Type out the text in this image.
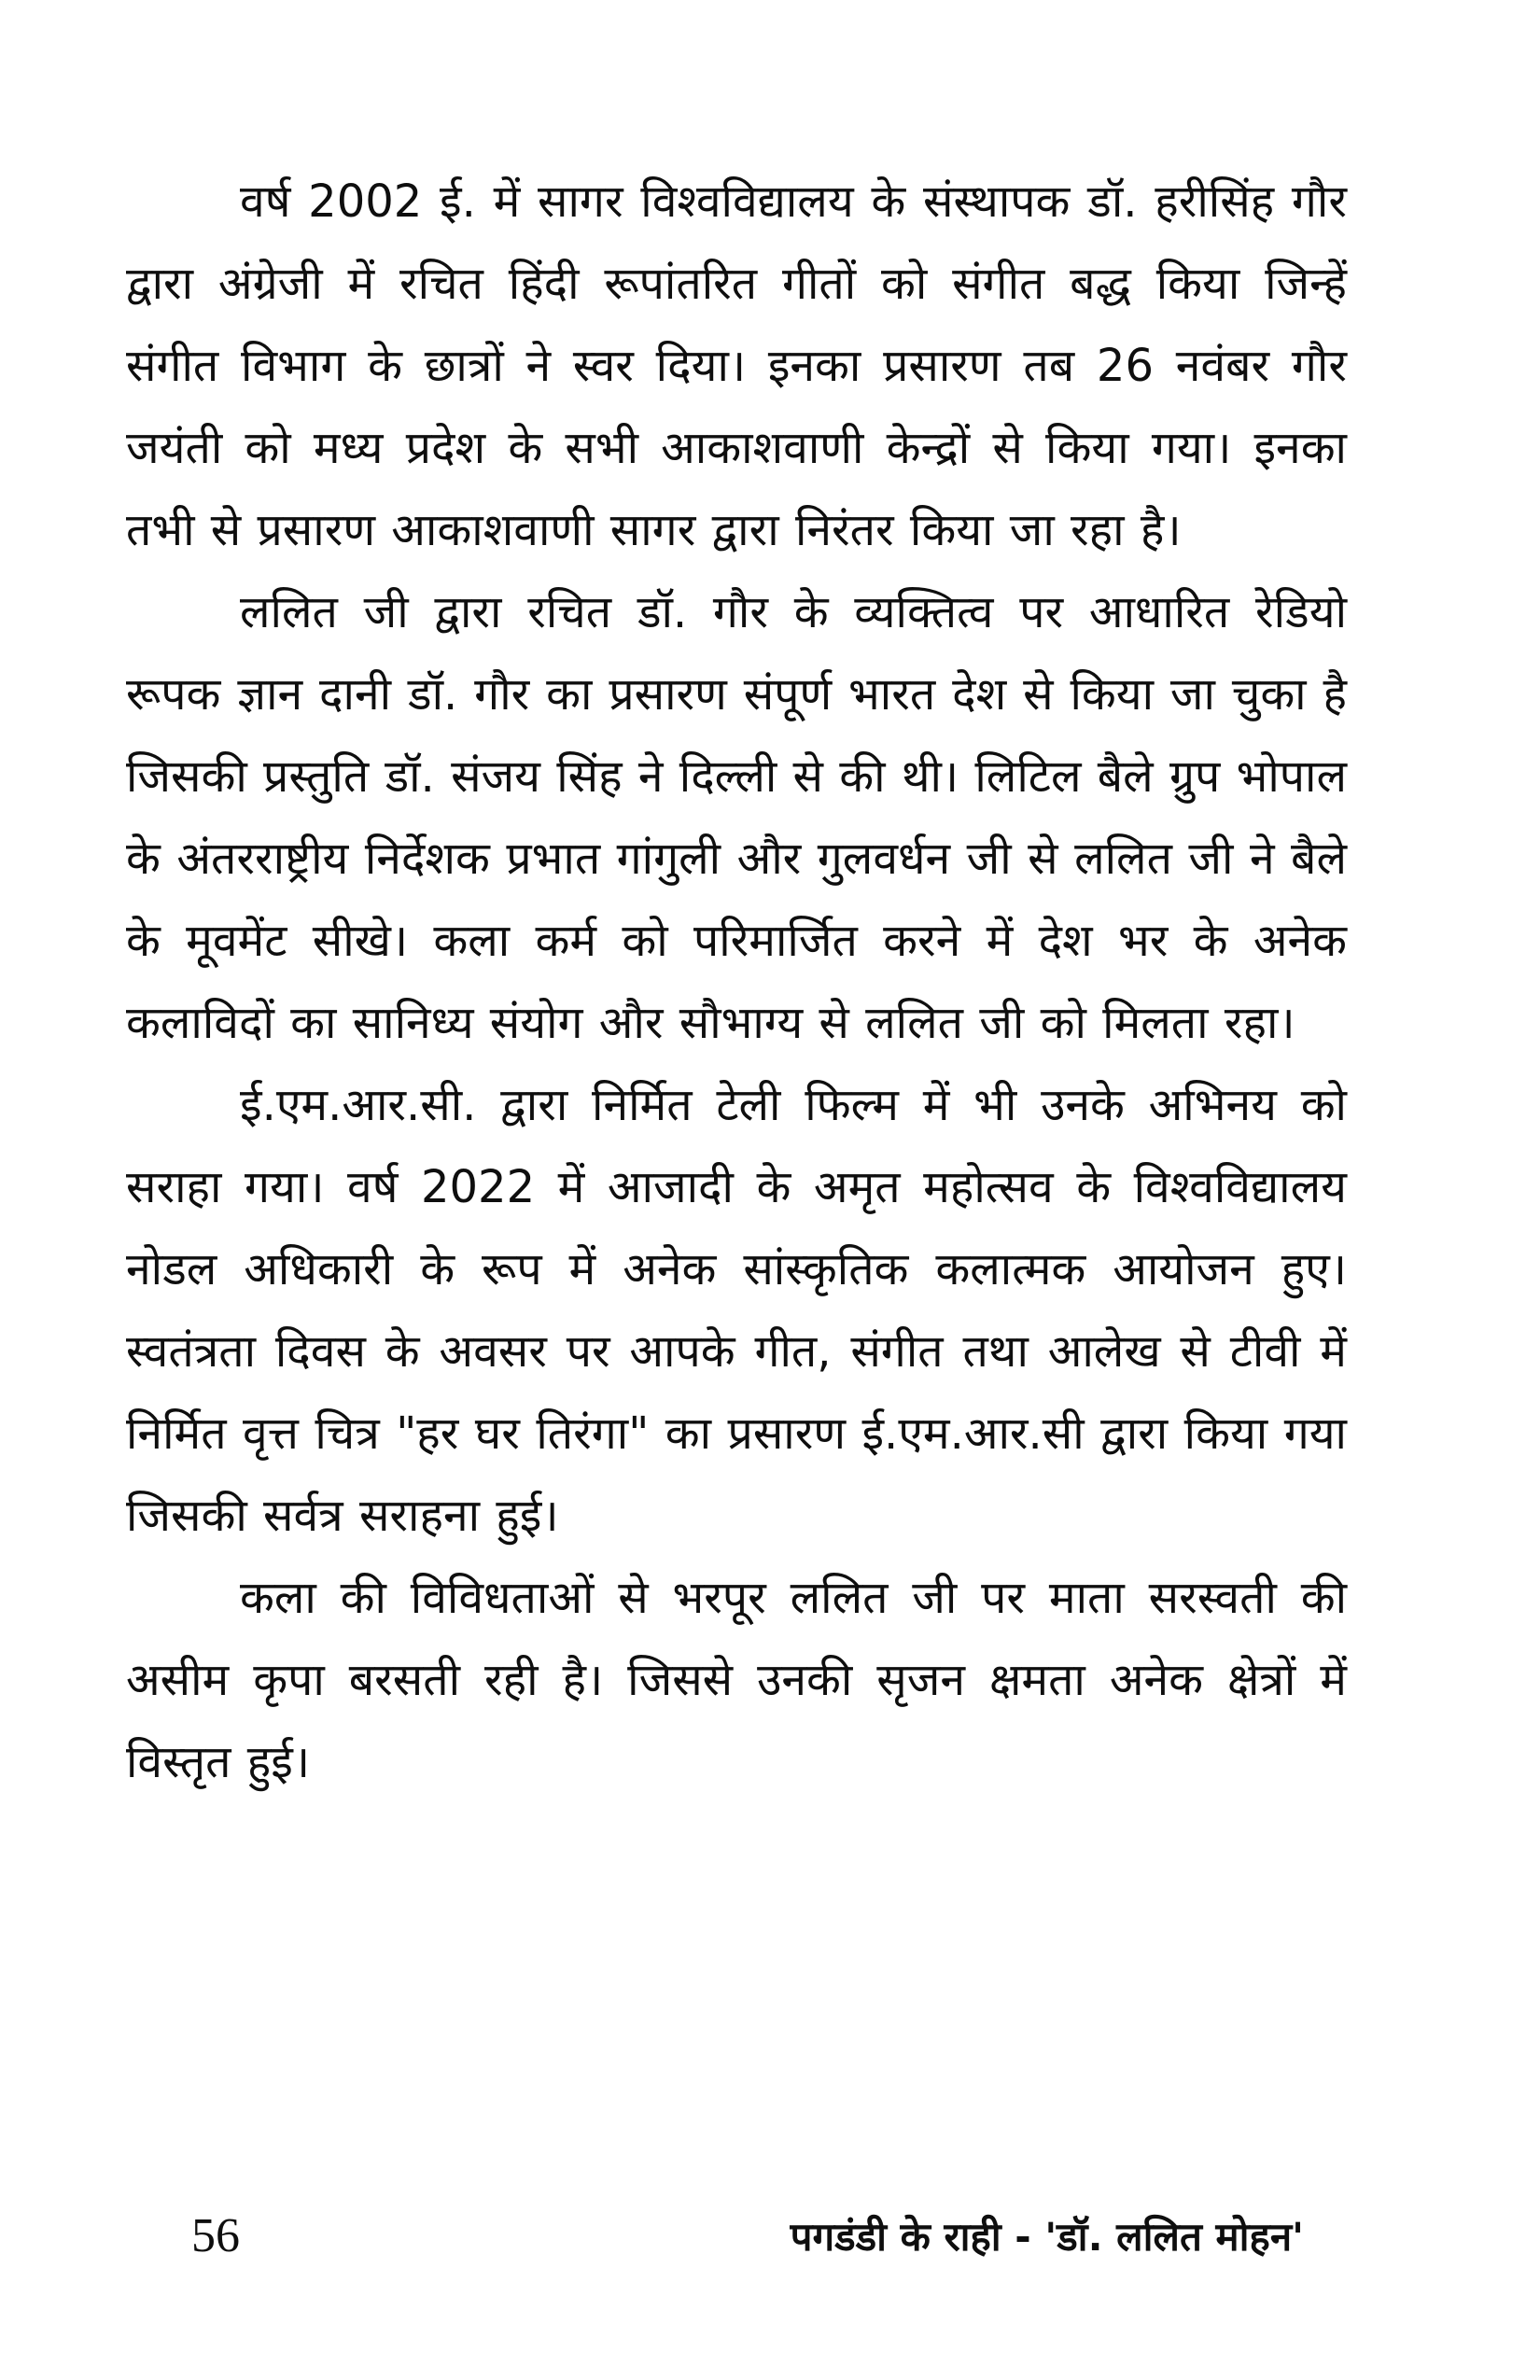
वर्ष 2002 ई. में सागर विश्वविद्यालय के संस्थापक डॉ. हरीसिंह गौर द्वारा अंग्रेजी में रचित हिंदी रूपांतरित गीतों को संगीत बद्ध किया जिन्हें संगीत विभाग के छात्रों ने स्वर दिया। इनका प्रसारण तब 26 नवंबर गौर जयंती को मध्य प्रदेश के सभी आकाशवाणी केन्द्रों से किया गया। इनका तभी से प्रसारण आकाशवाणी सागर द्वारा निरंतर किया जा रहा है।

ललित जी द्वारा रचित डॉ. गौर के व्यक्तित्व पर आधारित रेडियो रूपक ज्ञान दानी डॉ. गौर का प्रसारण संपूर्ण भारत देश से किया जा चुका है जिसकी प्रस्तुति डॉ. संजय सिंह ने दिल्ली से की थी। लिटिल बैले ग्रुप भोपाल के अंतरराष्ट्रीय निर्देशक प्रभात गांगुली और गुलवर्धन जी से ललित जी ने बैले के मूवमेंट सीखे। कला कर्म को परिमार्जित करने में देश भर के अनेक कलाविदों का सानिध्य संयोग और सौभाग्य से ललित जी को मिलता रहा।

ई.एम.आर.सी. द्वारा निर्मित टेली फिल्म में भी उनके अभिनय को सराहा गया। वर्ष 2022 में आजादी के अमृत महोत्सव के विश्वविद्यालय नोडल अधिकारी के रूप में अनेक सांस्कृतिक कलात्मक आयोजन हुए। स्वतंत्रता दिवस के अवसर पर आपके गीत, संगीत तथा आलेख से टीवी में निर्मित वृत्त चित्र "हर घर तिरंगा" का प्रसारण ई.एम.आर.सी द्वारा किया गया जिसकी सर्वत्र सराहना हुई।

कला की विविधताओं से भरपूर ललित जी पर माता सरस्वती की असीम कृपा बरसती रही है। जिससे उनकी सृजन क्षमता अनेक क्षेत्रों में विस्तृत हुई।

56	पगडंडी के राही - 'डॉ. ललित मोहन'
